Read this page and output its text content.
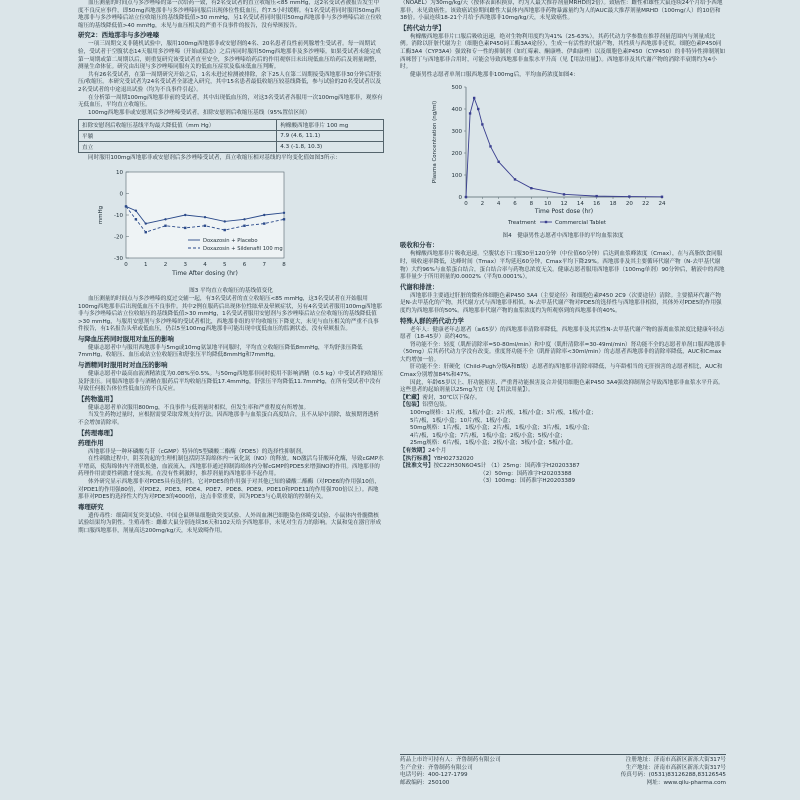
血压测量的时间点与多沙唑嗪的第一次给药一致，有2名受试者的直立收缩压<85 mmHg，这2名受试者被报告发生中度不良反应事件，即50mg西地那非与多沙唑嗪同服后出现体位性低血压，约7.5小时缓解。有1名受试者同时服用50mg西地那非与多沙唑嗪后站立位收缩压的基线降低值>30 mmHg，另1名受试者同时服用50mg西地那非与多沙唑嗪后站立位收缩压的基线降低值>40 mmHg，未见与血压相关的严重不良事件的报告，没有晕厥报告。

研究2：西地那非与多沙唑嗪

一项三周期交叉非随机试验中，服用100mg西地那非或安慰剂的4名、20名患者良性前列腺增生受试者。每一周期试验，受试者于空腹状态14天服用多沙唑嗪（开始或稳态）之后再同时服用50mg西地那非及多沙唑嗪。如果受试者未能完成第一周期或第二周期以后，则重复研究该受试者直至安全，多沙唑嗪给药后的作用观察日未出现低血压给药后及剂量调整，测量生命体征。研究由出现与多沙唑嗪同服有关的低血压症状及临床低血压判断。

共有26名受试者，在第一周期研究开始之后，1名未进过检测被排除，余下25人在第二周期接受西地那非30分钟后舒张压/收缩压。本研究受试者为24名受试者全部进入研究，其中15名患者最低收缩压较基线降低，参与试验的20名受试者以及2名受试者的中途退出试验（均为不良事件引起）。

在分析第一周期100mg西地那非前的受试者，其中出现低血压的，对这3名受试者各服用一次100mg西地那非，观察有无低血压，平均直立收缩压。

100mg西地那非或安慰剂后多沙唑嗪受试者，扣除安慰剂后收缩压基线（95%置信区间）

扣除安慰剂后收缩压基线平均最大降低值（mm Hg）	枸橼酸西地那非片 100 mg
平躺	7.9 (4.6, 11.1)
直立	4.3 (-1.8, 10.3)

同时服用100mg西地那非或安慰剂后多沙唑嗪受试者，真立收缩压相对基线的平均变化值如图3所示：

-30
-20
-10
0
10
0	1	2	3	4	5	6	7	8
Time After dosing (hr)
mmHg
Doxazosin + Placebo
Doxazosin + Sildenafil 100 mg
图3 平均直立收缩压的基线值变化

血压测量的时间点与多沙唑嗪的度过交辅一起，有3名受试者的直立收缩压<85 mmHg，这3名受试者在开始服用100mg西地那非后出现低血压不良事件。其中2例在服药后出现体位性眩晕及晕厥症状，另有4名受试者服用100mg西地那非与多沙唑嗪后站立位收缩压的基线降低值>30 mmHg，1名受试者服用安慰剂与多沙唑嗪后站立位收缩压的基线降低值>30 mmHg，与服用安慰剂与多沙唑嗪的受试者相比，西地那非组的平均收缩压下降更大，未见与血压相关的严重不良事件报告，有1名报告头晕或低血压，仍以5至100mg西地那非可能出现中度低血压的监测状态，没有晕厥报告。

与降血压药同时服用对血压的影响

健康志愿者中与服用西地那非与5mg或10mg氨氯地平同服时，平均直立收缩压降低8mmHg，平均舒张压降低7mmHg，收缩压、血压或站立位收缩压和舒张压平均降低8mmHg和7mmHg。

与酒精同时服用时对血压的影响

健康志愿者中最高血液酒精浓度为0.08%至0.5%。与50mg西地那非同时使用不影响酒精（0.5 kg）中受试者的收缩压及舒张压。同服西地那非与酒精在服药后平均收缩压降低17.4mmHg，舒张压平均降低11.7mmHg，在所有受试者中没有导致任何报告体位性低血压的不良反应。

【药物滥用】

健康志愿者单次服用800mg，不良事件与低剂量时相似，但发生率和严重程度有所增加。

当发生药物过量时，应根据需要采取常规支持疗法。因西地那非与血浆蛋白高度结合，且不从尿中清除，故预期肾透析不会增加清除率。

【药理毒理】
药理作用

西地那非是一种环磷酸鸟苷（cGMP）特异的5型磷酸二酯酶（PDE5）的选择性抑制剂。

在性刺激过程中，阴茎勃起的生理机制包括阴茎海绵体内一氧化氮（NO）的释放。NO激活鸟苷酸环化酶，导致cGMP水平增高，使海绵体内平滑肌松弛，血液流入。西地那非通过抑制海绵体内分解cGMP的PDE5来增强NO的作用。西地那非的药理作用需要性刺激才能实现。在没有性刺激时，推荐剂量的西地那非不起作用。

体外研究显示西地那非对PDE5具有选择性。它对PDE5的作用强于对其他已知的磷酸二酯酶（对PDE6的作用强10倍，对PDE1的作用强80倍，对PDE2、PDE3、PDE4、PDE7、PDE8、PDE9、PDE10和PDE11的作用强700倍以上）。西地那非对PDE5的选择性大约为对PDE3的4000倍，这点非常重要，因为PDE3与心肌收缩的控制有关。

毒理研究

遗传毒性：细菌回复突变试验、中国仓鼠卵巢细胞致突变试验、人外周血淋巴细胞染色体畸变试验、小鼠体内骨髓微核试验结果均为阴性。生殖毒性：雌雄大鼠分别连续36天和102天给予西地那非，未见对生育力的影响。大鼠和兔在器官形成期口服西地那非，剂量高达200mg/kg/天，未见致畸作用。

（NOAEL）为30mg/kg/天（按体表面积换算，约为人最大推荐剂量MRHD的2倍）。致癌性：雌性和雄性大鼠连续24个月给予西地那非，未见致癌性。该致癌试验期间雌性大鼠体内西地那非药物暴露量约为人的AUC最大推荐剂量MRHD（100mg/人）的10倍和38倍。小鼠连续18-21个月给予西地那非10mg/kg/天，未见致癌性。

【药代动力学】

枸橼酸西地那非片口服后吸收迅速，绝对生物利用度约为41%（25-63%）。其药代动力学参数在推荐剂量范围内与剂量成比例。消除以肝脏代谢为主（细胞色素P450同工酶3A4途径），生成一有活性的代谢产物，其性质与西地那非近似。细胞色素P450同工酶3A4（CYP3A4）强效和专一性的抑制剂（如红霉素、酮康唑、伊曲康唑）以及细胞色素P450（CYP450）的非特异性抑制剂如西咪替丁与西地那非合用时，可能会导致西地那非血浆水平升高（见【用法用量】）。西地那非及其代谢产物的消除半衰期约为4小时。

健康男性志愿者单剂口服西地那非100mg后，平均血药浓度如图4：

0
100
200
300
400
500
0 2 4 6 8 10 12 14 16 18 20 22 24
Time Post dose (hr)
Plasma Concentration (ng/ml)
Treatment	Commercial Tablet
图4　健康男性志愿者中西地那非的平均血浆浓度
吸收和分布：

枸橼酸西地那非片吸收迅速。空腹状态下口服30至120分钟（中位值60分钟）后达到血浆峰浓度（Cmax），在与高脂饮食同服时，吸收速率降低，达峰时间（Tmax）平均延迟60分钟，Cmax平均下降29%。西地那非及其主要循环代谢产物（N-去甲基代谢物）大约96%与血浆蛋白结合，蛋白结合率与药物总浓度无关。健康志愿者服用西地那非（100mg单剂）90分钟后，精液中的西地那非量少于所用剂量的0.0002%（平均0.0001%）。

代谢和排泄：

西地那非主要通过肝脏的微粒体细胞色素P450 3A4（主要途径）和细胞色素P450 2C9（次要途径）清除。主要循环代谢产物是N-去甲基化的产物，其代谢方式与西地那非相似。N-去甲基代谢产物对PDE5的选择性与西地那非相似，其体外对PDE5的作用强度约为西地那非的50%。西地那非代谢产物的血浆浓度约为所观察到的西地那非的40%。

特殊人群的药代动力学

老年人：健康老年志愿者（≥65岁）的西地那非清除率降低，西地那非及其活性N-去甲基代谢产物的游离血浆浓度比健康年轻志愿者（18-45岁）高约40%。

肾功能不全：轻度（肌酐清除率=50-80ml/min）和中度（肌酐清除率=30-49ml/min）肾功能不全的志愿者单剂口服西地那非（50mg）后其药代动力学没有改变。重度肾功能不全（肌酐清除率<30ml/min）的志愿者西地那非的清除率降低，AUC和Cmax大约增加一倍。

肝功能不全：肝硬化（Child-Pugh分级A和B级）志愿者的西地那非清除率降低，与年龄相当的无肝损害的志愿者相比，AUC和Cmax分别增加84%和47%。

因此，年龄65岁以上、肝功能损害、严重肾功能损害及合并使用细胞色素P450 3A4强效抑制剂会导致西地那非血浆水平升高。这些患者的起始剂量以25mg为宜（见【用法用量】）。

【贮藏】密封，30℃以下保存。

【包装】铝塑包装。

100mg规格：1片/板，1板/小盒；2片/板，1板/小盒；3片/板，1板/小盒；

5片/板，1板/小盒；10片/板，1板/小盒；

50mg规格：1片/板，1板/小盒；2片/板，1板/小盒；3片/板，1板/小盒；

4片/板，1板/小盒；7片/板，1板/小盒；2板/小盒；5板/小盒；

25mg规格：6片/板，1板/小盒；2板/小盒；3板/小盒；5板/小盒。

【有效期】24个月

【执行标准】YBH02732020

【批准文号】按C22H30N6O4S计 （1）25mg：国药准字H20203387

（2）50mg：国药准字H20203388

（3）100mg：国药准字H20203389

药品上市许可持有人：齐鲁制药有限公司	注册地址：济南市高新区新泺大街317号
生产企业：齐鲁制药有限公司	生产地址：济南市高新区新泺大街317号
电话号码：400-127-1799	传真号码：(0531)83126288,83126545
邮政编码：250100	网址：www.qilu-pharma.com
